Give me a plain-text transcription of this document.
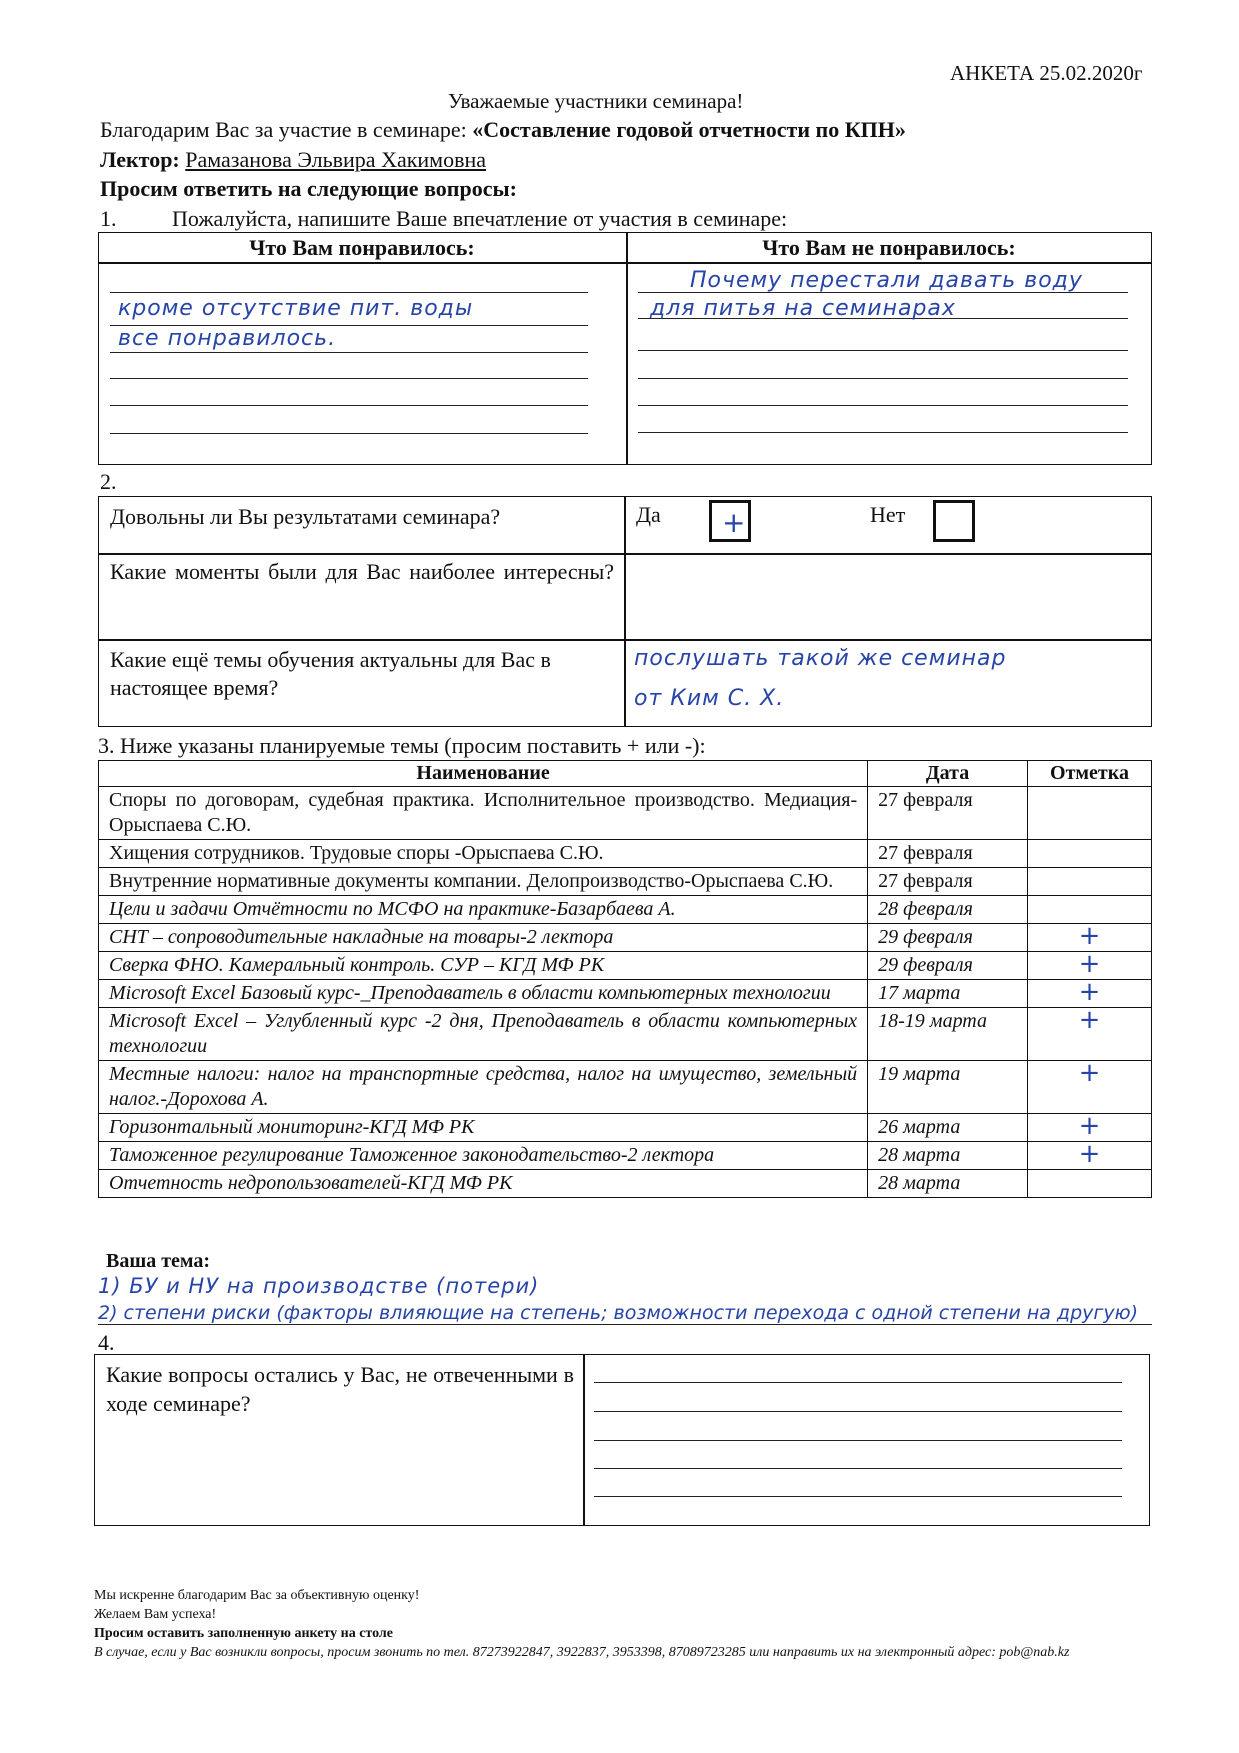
АНКЕТА 25.02.2020г
Уважаемые участники семинара!
Благодарим Вас за участие в семинаре: «Составление годовой отчетности по КПН»
Лектор: Рамазанова Эльвира Хакимовна
Просим ответить на следующие вопросы:
1.	Пожалуйста, напишите Ваше впечатление от участия в семинаре:
Что Вам понравилось:	Что Вам не понравилось:
кроме отсутствие пит. воды
все понравилось.
Почему перестали давать воду
для питья на семинарах
2.
Довольны ли Вы результатами семинара?	Да +	Нет
Какие моменты были для Вас наиболее интересны?
Какие ещё темы обучения актуальны для Вас в настоящее время?
послушать такой же семинар
от Ким С. Х.
3. Ниже указаны планируемые темы (просим поставить + или -):
Наименование	Дата	Отметка
Споры по договорам, судебная практика. Исполнительное производство. Медиация- Орыспаева С.Ю.	27 февраля	
Хищения сотрудников. Трудовые споры -Орыспаева С.Ю.	27 февраля	
Внутренние нормативные документы компании. Делопроизводство-Орыспаева С.Ю.	27 февраля	
Цели и задачи Отчётности по МСФО на практике-Базарбаева А.	28 февраля	
СНТ – сопроводительные накладные на товары-2 лектора	29 февраля	+
Сверка ФНО. Камеральный контроль. СУР – КГД МФ РК	29 февраля	+
Microsoft Excel Базовый курс-_Преподаватель в области компьютерных технологии	17 марта	+
Microsoft Excel – Углубленный курс -2 дня, Преподаватель в области компьютерных технологии	18-19 марта	+
Местные налоги: налог на транспортные средства, налог на имущество, земельный налог.-Дорохова А.	19 марта	+
Горизонтальный мониторинг-КГД МФ РК	26 марта	+
Таможенное регулирование Таможенное законодательство-2 лектора	28 марта	+
Отчетность недропользователей-КГД МФ РК	28 марта	
Ваша тема:
1) БУ и НУ на производстве (потери)
2) степени риски (факторы влияющие на степень; возможности перехода с одной степени на другую)
4.
Какие вопросы остались у Вас, не отвеченными в ходе семинаре?
Мы искренне благодарим Вас за объективную оценку!
Желаем Вам успеха!
Просим оставить заполненную анкету на столе
В случае, если у Вас возникли вопросы, просим звонить по тел. 87273922847, 3922837, 3953398, 87089723285 или направить их на электронный адрес: pob@nab.kz
